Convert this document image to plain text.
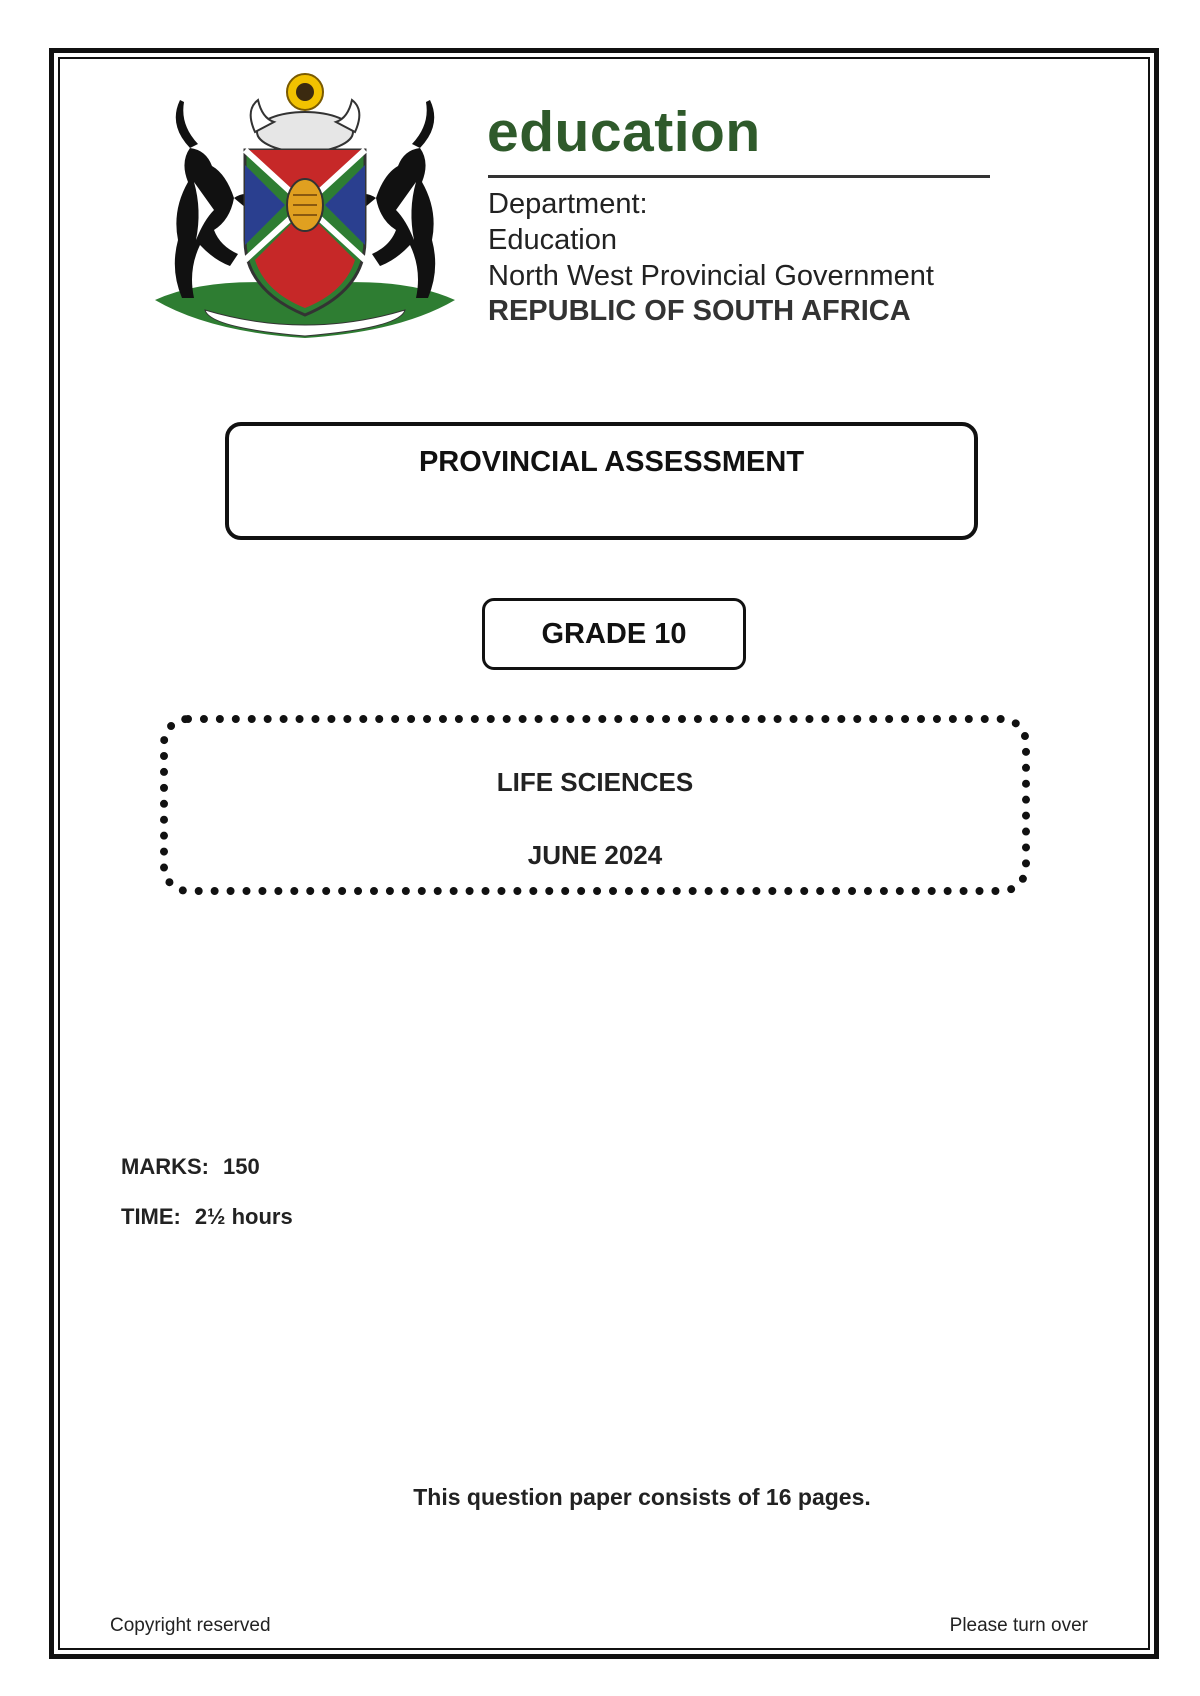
education
Department:
Education
North West Provincial Government
REPUBLIC OF SOUTH AFRICA
PROVINCIAL ASSESSMENT
GRADE 10
LIFE SCIENCES
JUNE 2024
MARKS: 150
TIME: 2½ hours
This question paper consists of 16 pages.
Copyright reserved	Please turn over
